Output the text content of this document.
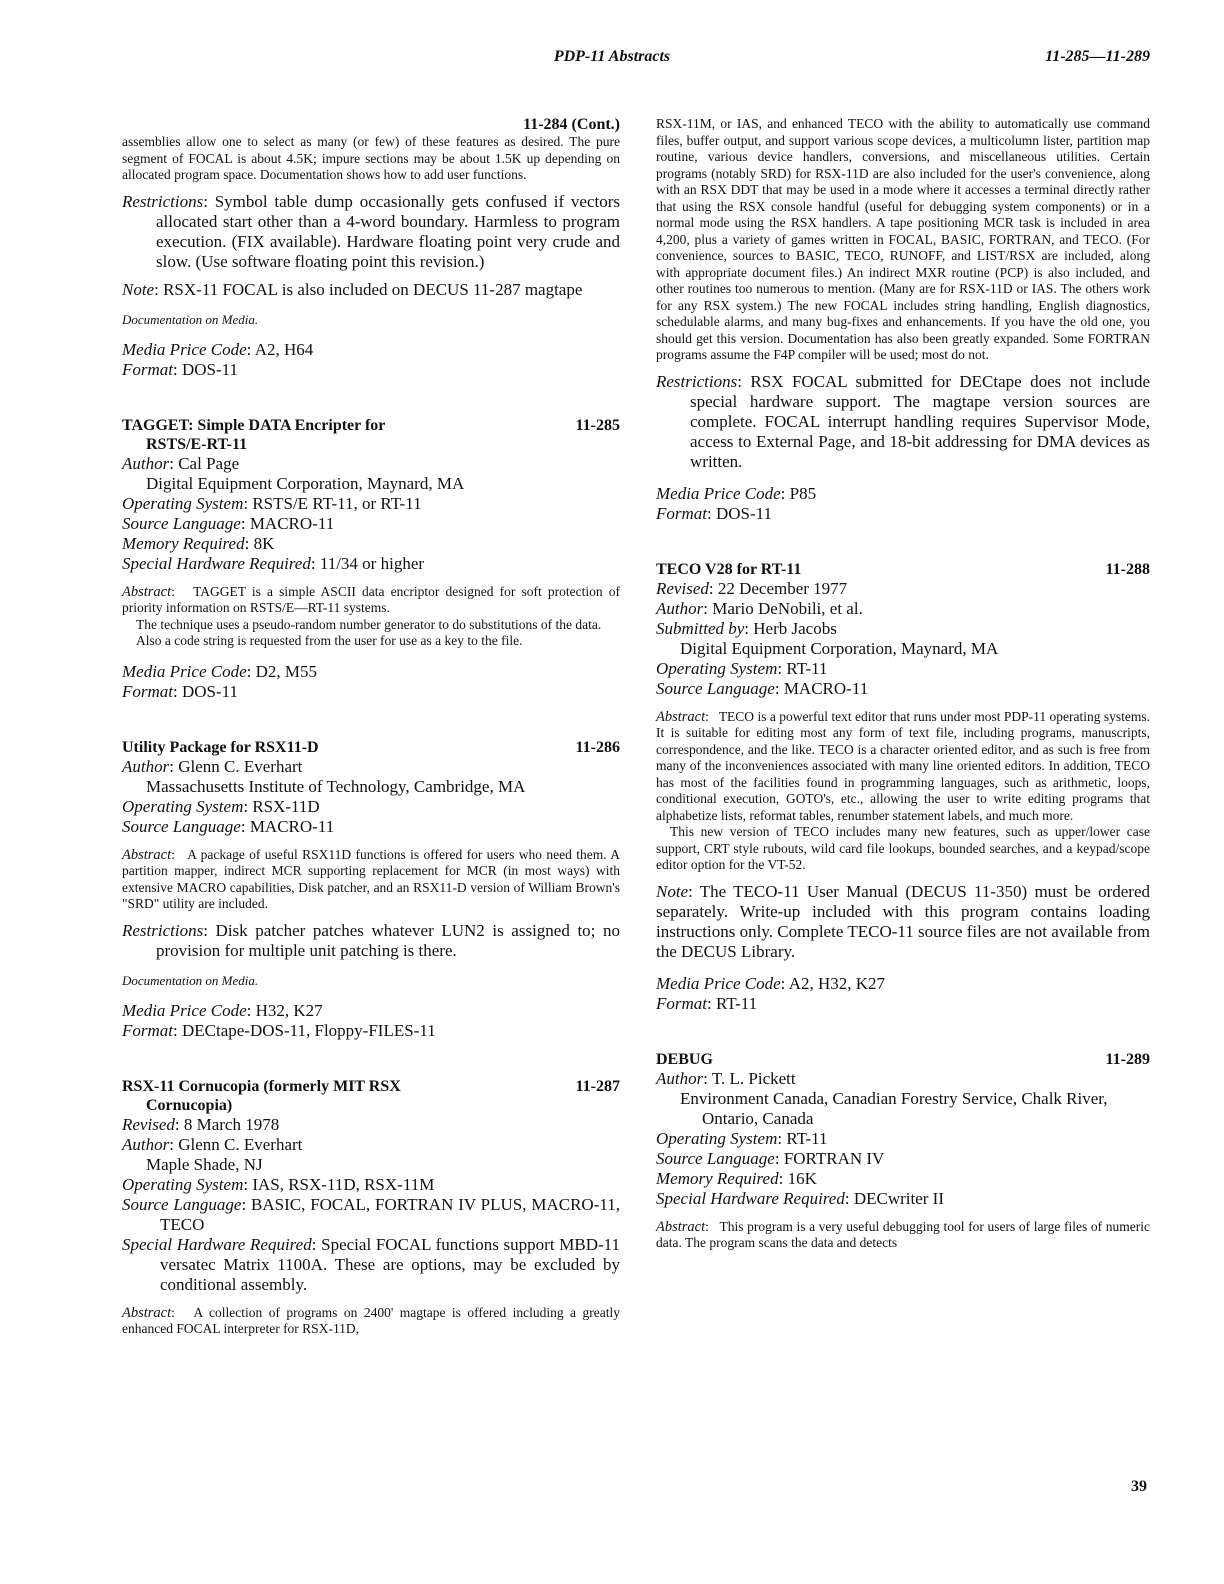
PDP-11 Abstracts	11-285—11-289
11-284 (Cont.)

assemblies allow one to select as many (or few) of these features as desired. The pure segment of FOCAL is about 4.5K; impure sections may be about 1.5K up depending on allocated program space. Documentation shows how to add user functions.

Restrictions: Symbol table dump occasionally gets confused if vectors allocated start other than a 4-word boundary. Harmless to program execution. (FIX available). Hardware floating point very crude and slow. (Use software floating point this revision.)

Note: RSX-11 FOCAL is also included on DECUS 11-287 magtape

Documentation on Media.

Media Price Code: A2, H64

Format: DOS-11

TAGGET: Simple DATA Encripter for
RSTS/E-RT-11
11-285

Author: Cal Page

Digital Equipment Corporation, Maynard, MA

Operating System: RSTS/E RT-11, or RT-11

Source Language: MACRO-11

Memory Required: 8K

Special Hardware Required: 11/34 or higher

Abstract:   TAGGET is a simple ASCII data encriptor designed for soft protection of priority information on RSTS/E—RT-11 systems.

The technique uses a pseudo-random number generator to do substitutions of the data.

Also a code string is requested from the user for use as a key to the file.

Media Price Code: D2, M55

Format: DOS-11

Utility Package for RSX11-D	11-286

Author: Glenn C. Everhart

Massachusetts Institute of Technology, Cambridge, MA

Operating System: RSX-11D

Source Language: MACRO-11

Abstract:   A package of useful RSX11D functions is offered for users who need them. A partition mapper, indirect MCR supporting replacement for MCR (in most ways) with extensive MACRO capabilities, Disk patcher, and an RSX11-D version of William Brown's "SRD" utility are included.

Restrictions: Disk patcher patches whatever LUN2 is assigned to; no provision for multiple unit patching is there.

Documentation on Media.

Media Price Code: H32, K27

Format: DECtape-DOS-11, Floppy-FILES-11

RSX-11 Cornucopia (formerly MIT RSX
Cornucopia)
11-287

Revised: 8 March 1978

Author: Glenn C. Everhart

Maple Shade, NJ

Operating System: IAS, RSX-11D, RSX-11M

Source Language: BASIC, FOCAL, FORTRAN IV PLUS, MACRO-11, TECO

Special Hardware Required: Special FOCAL functions support MBD-11 versatec Matrix 1100A. These are options, may be excluded by conditional assembly.

Abstract:   A collection of programs on 2400' magtape is offered including a greatly enhanced FOCAL interpreter for RSX-11D,

RSX-11M, or IAS, and enhanced TECO with the ability to automatically use command files, buffer output, and support various scope devices, a multicolumn lister, partition map routine, various device handlers, conversions, and miscellaneous utilities. Certain programs (notably SRD) for RSX-11D are also included for the user's convenience, along with an RSX DDT that may be used in a mode where it accesses a terminal directly rather that using the RSX console handful (useful for debugging system components) or in a normal mode using the RSX handlers. A tape positioning MCR task is included in area 4,200, plus a variety of games written in FOCAL, BASIC, FORTRAN, and TECO. (For convenience, sources to BASIC, TECO, RUNOFF, and LIST/RSX are included, along with appropriate document files.) An indirect MXR routine (PCP) is also included, and other routines too numerous to mention. (Many are for RSX-11D or IAS. The others work for any RSX system.) The new FOCAL includes string handling, English diagnostics, schedulable alarms, and many bug-fixes and enhancements. If you have the old one, you should get this version. Documentation has also been greatly expanded. Some FORTRAN programs assume the F4P compiler will be used; most do not.

Restrictions: RSX FOCAL submitted for DECtape does not include special hardware support. The magtape version sources are complete. FOCAL interrupt handling requires Supervisor Mode, access to External Page, and 18-bit addressing for DMA devices as written.

Media Price Code: P85

Format: DOS-11

TECO V28 for RT-11	11-288

Revised: 22 December 1977

Author: Mario DeNobili, et al.

Submitted by: Herb Jacobs

Digital Equipment Corporation, Maynard, MA

Operating System: RT-11

Source Language: MACRO-11

Abstract:   TECO is a powerful text editor that runs under most PDP-11 operating systems. It is suitable for editing most any form of text file, including programs, manuscripts, correspondence, and the like. TECO is a character oriented editor, and as such is free from many of the inconveniences associated with many line oriented editors. In addition, TECO has most of the facilities found in programming languages, such as arithmetic, loops, conditional execution, GOTO's, etc., allowing the user to write editing programs that alphabetize lists, reformat tables, renumber statement labels, and much more.

This new version of TECO includes many new features, such as upper/lower case support, CRT style rubouts, wild card file lookups, bounded searches, and a keypad/scope editor option for the VT-52.

Note: The TECO-11 User Manual (DECUS 11-350) must be ordered separately. Write-up included with this program contains loading instructions only. Complete TECO-11 source files are not available from the DECUS Library.

Media Price Code: A2, H32, K27

Format: RT-11

DEBUG	11-289

Author: T. L. Pickett

Environment Canada, Canadian Forestry Service, Chalk River, Ontario, Canada

Operating System: RT-11

Source Language: FORTRAN IV

Memory Required: 16K

Special Hardware Required: DECwriter II

Abstract:   This program is a very useful debugging tool for users of large files of numeric data. The program scans the data and detects

39
